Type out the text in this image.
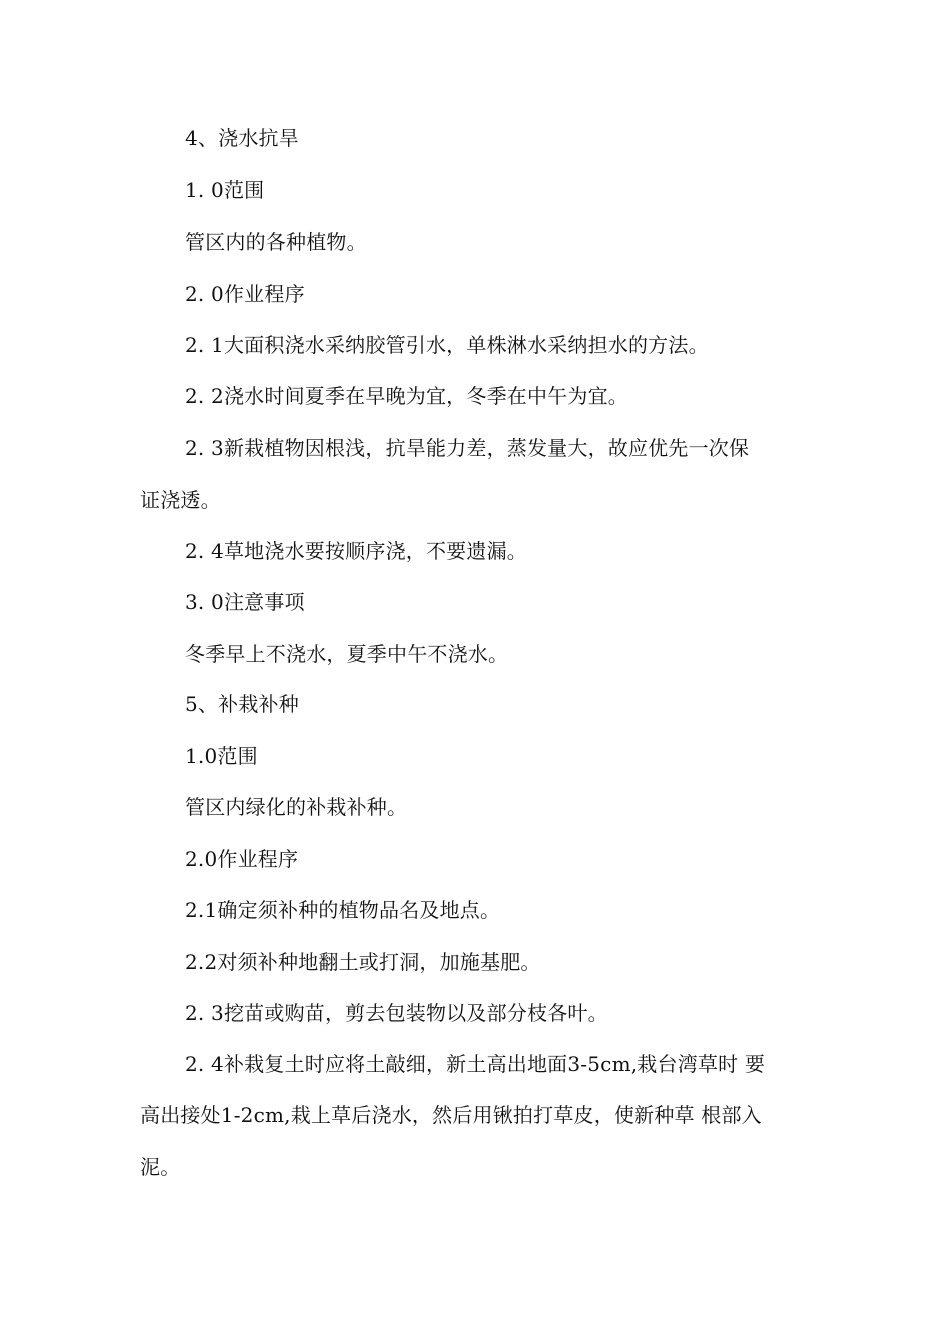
4、浇水抗旱
1. 0范围
管区内的各种植物。
2. 0作业程序
2. 1大面积浇水采纳胶管引水，单株淋水采纳担水的方法。
2. 2浇水时间夏季在早晚为宜，冬季在中午为宜。
2. 3新栽植物因根浅，抗旱能力差，蒸发量大，故应优先一次保
证浇透。
2. 4草地浇水要按顺序浇，不要遗漏。
3. 0注意事项
冬季早上不浇水，夏季中午不浇水。
5、补栽补种
1.0范围
管区内绿化的补栽补种。
2.0作业程序
2.1确定须补种的植物品名及地点。
2.2对须补种地翻土或打洞，加施基肥。
2. 3挖苗或购苗，剪去包装物以及部分枝各叶。
2. 4补栽复土时应将土敲细，新土高出地面3-5cm,栽台湾草时 要
高出接处1-2cm,栽上草后浇水，然后用锹拍打草皮，使新种草 根部入
泥。
